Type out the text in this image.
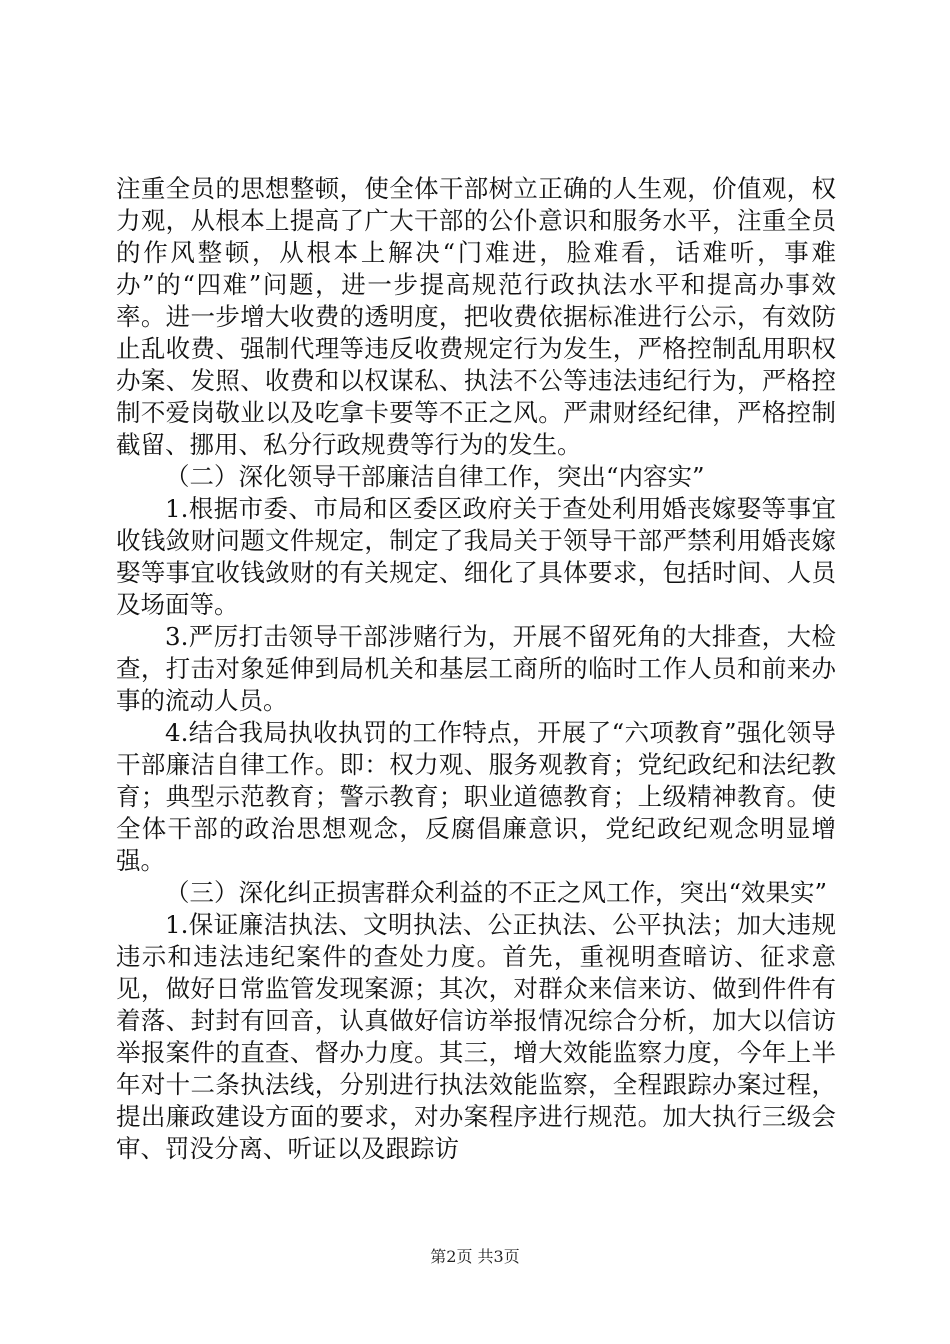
注重全员的思想整顿，使全体干部树立正确的人生观，价值观，权力观，从根本上提高了广大干部的公仆意识和服务水平，注重全员的作风整顿，从根本上解决“门难进，脸难看，话难听，事难办”的“四难”问题，进一步提高规范行政执法水平和提高办事效率。进一步增大收费的透明度，把收费依据标准进行公示，有效防止乱收费、强制代理等违反收费规定行为发生，严格控制乱用职权办案、发照、收费和以权谋私、执法不公等违法违纪行为，严格控制不爱岗敬业以及吃拿卡要等不正之风。严肃财经纪律，严格控制截留、挪用、私分行政规费等行为的发生。

（二）深化领导干部廉洁自律工作，突出“内容实”

1.根据市委、市局和区委区政府关于查处利用婚丧嫁娶等事宜收钱敛财问题文件规定，制定了我局关于领导干部严禁利用婚丧嫁娶等事宜收钱敛财的有关规定、细化了具体要求，包括时间、人员及场面等。

3.严厉打击领导干部涉赌行为，开展不留死角的大排查，大检查，打击对象延伸到局机关和基层工商所的临时工作人员和前来办事的流动人员。

4.结合我局执收执罚的工作特点，开展了“六项教育”强化领导干部廉洁自律工作。即：权力观、服务观教育；党纪政纪和法纪教育；典型示范教育；警示教育；职业道德教育；上级精神教育。使全体干部的政治思想观念，反腐倡廉意识，党纪政纪观念明显增强。

（三）深化纠正损害群众利益的不正之风工作，突出“效果实”

1.保证廉洁执法、文明执法、公正执法、公平执法；加大违规违示和违法违纪案件的查处力度。首先，重视明查暗访、征求意见，做好日常监管发现案源；其次，对群众来信来访、做到件件有着落、封封有回音，认真做好信访举报情况综合分析，加大以信访举报案件的直查、督办力度。其三，增大效能监察力度，今年上半年对十二条执法线，分别进行执法效能监察，全程跟踪办案过程，提出廉政建设方面的要求，对办案程序进行规范。加大执行三级会审、罚没分离、听证以及跟踪访

第2页 共3页
